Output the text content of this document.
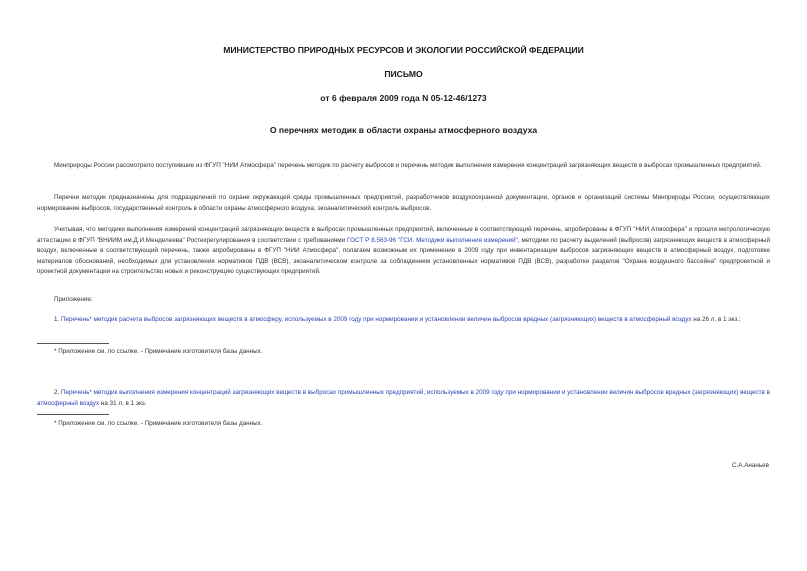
МИНИСТЕРСТВО ПРИРОДНЫХ РЕСУРСОВ И ЭКОЛОГИИ РОССИЙСКОЙ ФЕДЕРАЦИИ
ПИСЬМО
от 6 февраля 2009 года N 05-12-46/1273
О перечнях методик в области охраны атмосферного воздуха
Минприроды России рассмотрело поступившие из ФГУП "НИИ Атмосфера" перечень методик по расчету выбросов и перечень методик выполнения измерения концентраций загрязняющих веществ в выбросах промышленных предприятий.
Перечни методик предназначены для подразделений по охране окружающей среды промышленных предприятий, разработчиков воздухоохранной документации, органов и организаций системы Минприроды России, осуществляющих нормирование выбросов, государственный контроль в области охраны атмосферного воздуха, экоаналитический контроль выбросов.
Учитывая, что методики выполнения измерений концентраций загрязняющих веществ в выбросах промышленных предприятий, включенные в соответствующий перечень, апробированы в ФГУП "НИИ Атмосфера" и прошли метрологическую аттестацию в ФГУП "ВНИИМ им.Д.И.Менделеева" Ростехрегулирования в соответствии с требованиями ГОСТ Р 8.563-96 "ГСИ. Методики выполнения измерений", методики по расчету выделений (выбросов) загрязняющих веществ в атмосферный воздух, включенные в соответствующий перечень, также апробированы в ФГУП "НИИ Атмосфера", полагаем возможным их применение в 2009 году при инвентаризации выбросов загрязняющих веществ в атмосферный воздух, подготовке материалов обоснований, необходимых для установления нормативов ПДВ (ВСВ), экоаналитическом контроле за соблюдением установленных нормативов ПДВ (ВСВ), разработке разделов "Охрана воздушного бассейна" предпроектной и проектной документации на строительство новых и реконструкцию существующих предприятий.
Приложение:
1. Перечень* методик расчета выбросов загрязняющих веществ в атмосферу, используемых в 2009 году при нормировании и установлении величин выбросов вредных (загрязняющих) веществ в атмосферный воздух на 26 л. в 1 экз.;
* Приложение см. по ссылке. - Примечание изготовителя базы данных.
2. Перечень* методик выполнения измерения концентраций загрязняющих веществ в выбросах промышленных предприятий, используемых в 2009 году при нормировании и установлении величин выбросов вредных (загрязняющих) веществ в атмосферный воздух на 31 л. в 1 экз.
* Приложение см. по ссылке. - Примечание изготовителя базы данных.
С.А.Ананьев
